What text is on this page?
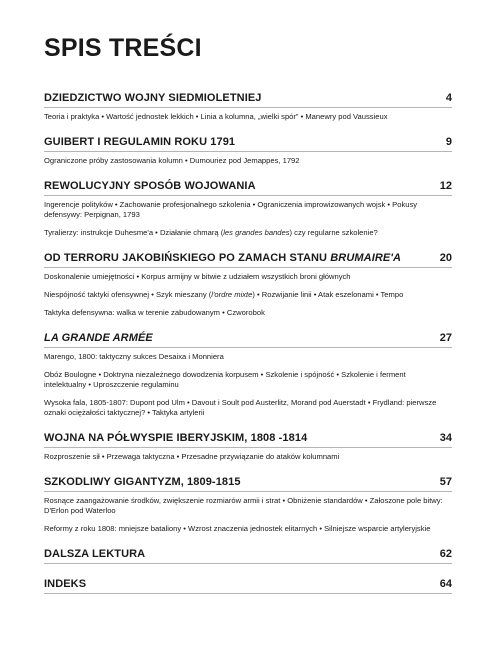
SPIS TREŚCI
DZIEDZICTWO WOJNY SIEDMIOLETNIEJ	4

Teoria i praktyka • Wartość jednostek lekkich • Linia a kolumna, „wielki spór” • Manewry pod Vaussieux

GUIBERT I REGULAMIN ROKU 1791	9

Ograniczone próby zastosowania kolumn • Dumouriez pod Jemappes, 1792

REWOLUCYJNY SPOSÓB WOJOWANIA	12

Ingerencje polityków • Zachowanie profesjonalnego szkolenia • Ograniczenia improwizowanych wojsk • Pokusy defensywy: Perpignan, 1793

Tyralierzy: instrukcje Duhesme'a • Działanie chmarą (les grandes bandes) czy regularne szkolenie?

OD TERRORU JAKOBIŃSKIEGO PO ZAMACH STANU BRUMAIRE'A	20

Doskonalenie umiejętności • Korpus armijny w bitwie z udziałem wszystkich broni głównych

Niespójność taktyki ofensywnej • Szyk mieszany (l'ordre mixte) • Rozwijanie linii • Atak eszelonami • Tempo

Taktyka defensywna: walka w terenie zabudowanym • Czworobok

LA GRANDE ARMÉE	27

Marengo, 1800: taktyczny sukces Desaixa i Monniera

Obóz Boulogne • Doktryna niezależnego dowodzenia korpusem • Szkolenie i spójność • Szkolenie i ferment intelektualny • Uproszczenie regulaminu

Wysoka fala, 1805-1807: Dupont pod Ulm • Davout i Soult pod Austerlitz, Morand pod Auerstadt • Frydland: pierwsze oznaki ociężałości taktycznej? • Taktyka artylerii

WOJNA NA PÓŁWYSPIE IBERYJSKIM, 1808 -1814	34

Rozproszenie sił • Przewaga taktyczna • Przesadne przywiązanie do ataków kolumnami

SZKODLIWY GIGANTYZM, 1809-1815	57

Rosnące zaangażowanie środków, zwiększenie rozmiarów armii i strat • Obniżenie standardów • Załoszone pole bitwy: D'Erlon pod Waterloo

Reformy z roku 1808: mniejsze bataliony • Wzrost znaczenia jednostek elitarnych • Silniejsze wsparcie artyleryjskie

DALSZA LEKTURA	62
INDEKS	64
